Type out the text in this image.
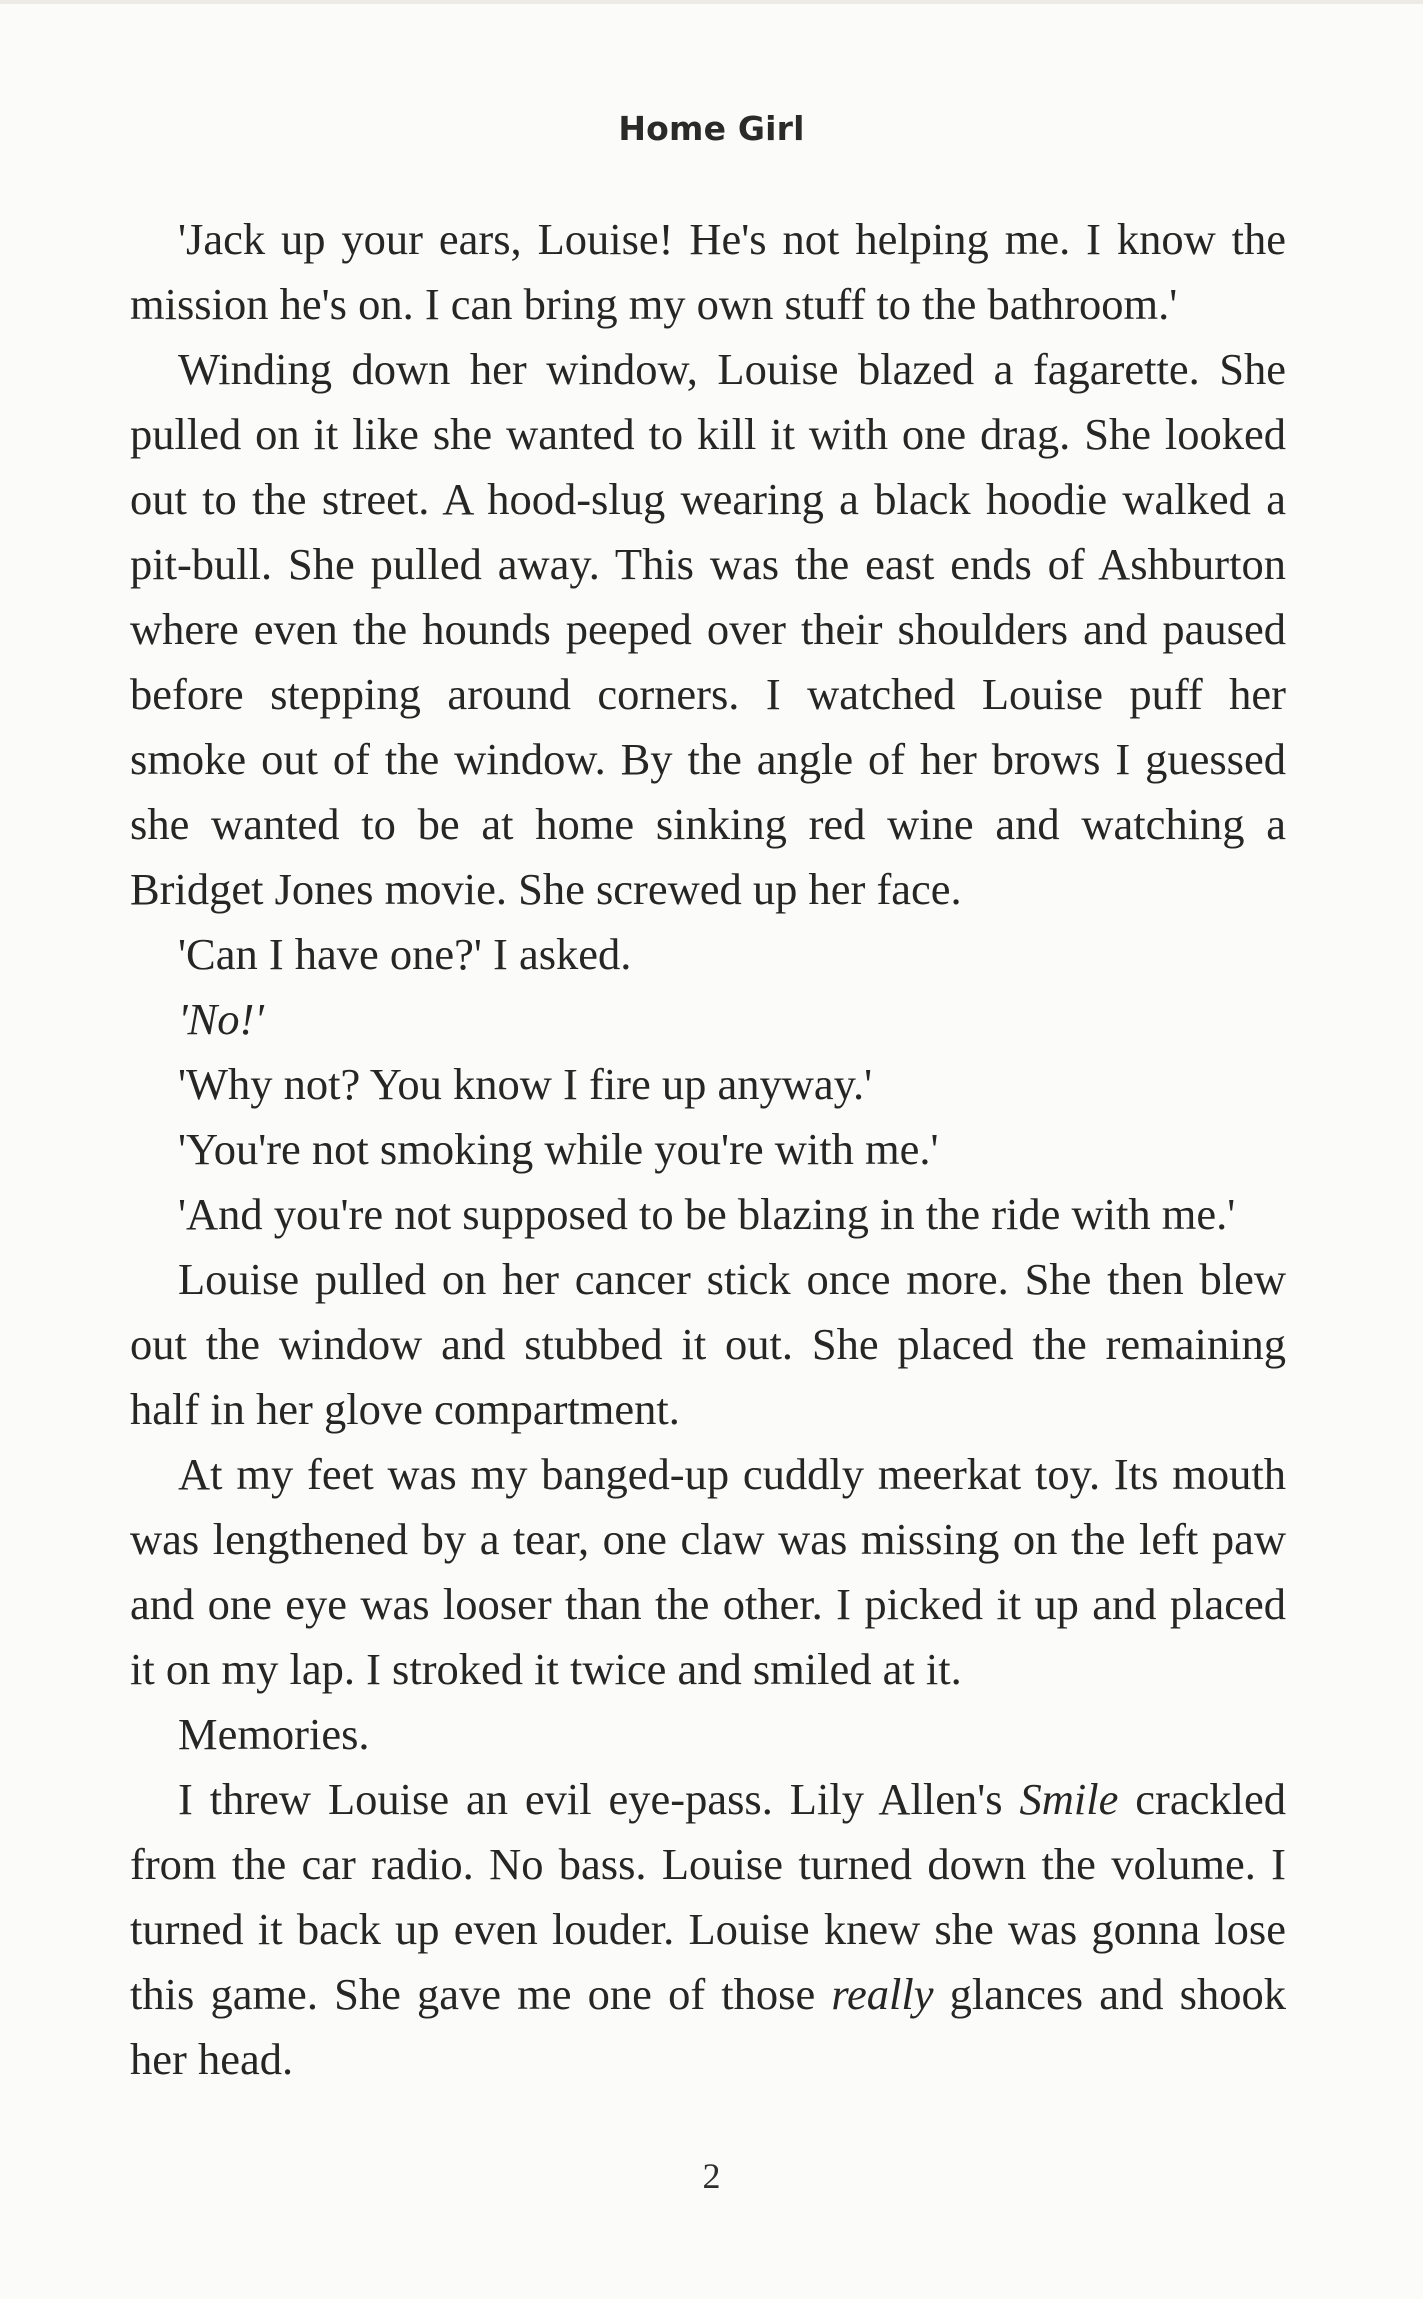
Home Girl

'Jack up your ears, Louise! He's not helping me. I know the mission he's on. I can bring my own stuff to the bathroom.'

Winding down her window, Louise blazed a fagarette. She pulled on it like she wanted to kill it with one drag. She looked out to the street. A hood-slug wearing a black hoodie walked a pit-bull. She pulled away. This was the east ends of Ashburton where even the hounds peeped over their shoulders and paused before stepping around corners. I watched Louise puff her smoke out of the window. By the angle of her brows I guessed she wanted to be at home sinking red wine and watching a Bridget Jones movie. She screwed up her face.

'Can I have one?' I asked.

'No!'

'Why not? You know I fire up anyway.'

'You're not smoking while you're with me.'

'And you're not supposed to be blazing in the ride with me.'

Louise pulled on her cancer stick once more. She then blew out the window and stubbed it out. She placed the remaining half in her glove compartment.

At my feet was my banged-up cuddly meerkat toy. Its mouth was lengthened by a tear, one claw was missing on the left paw and one eye was looser than the other. I picked it up and placed it on my lap. I stroked it twice and smiled at it.

Memories.

I threw Louise an evil eye-pass. Lily Allen's Smile crackled from the car radio. No bass. Louise turned down the volume. I turned it back up even louder. Louise knew she was gonna lose this game. She gave me one of those really glances and shook her head.

2
